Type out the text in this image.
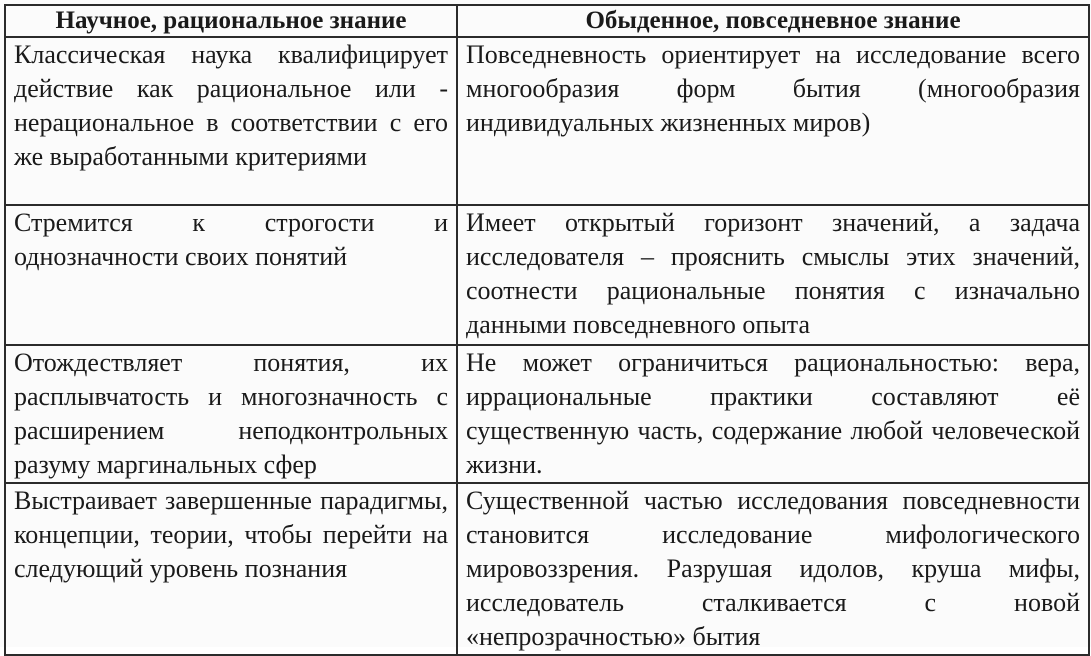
Научное, рациональное знание	Обыденное, повседневное знание

Классическая наука квалифицирует действие как рациональное или - нерациональное в соответствии с его же выработанными критериями	Повседневность ориентирует на исследование всего многообразия форм бытия (многообразия индивидуальных жизненных миров)

Стремится к строгости и однозначности своих понятий	Имеет открытый горизонт значений, а задача исследователя – прояснить смыслы этих значений, соотнести рациональные понятия с изначально данными повседневного опыта

Отождествляет понятия, их расплывчатость и многозначность с расширением неподконтрольных разуму маргинальных сфер	Не может ограничиться рациональностью: вера, иррациональные практики составляют её существенную часть, содержание любой человеческой жизни.

Выстраивает завершенные парадигмы, концепции, теории, чтобы перейти на следующий уровень познания	Существенной частью исследования повседневности становится исследование мифологического мировоззрения. Разрушая идолов, круша мифы, исследователь сталкивается с новой «непрозрачностью» бытия
